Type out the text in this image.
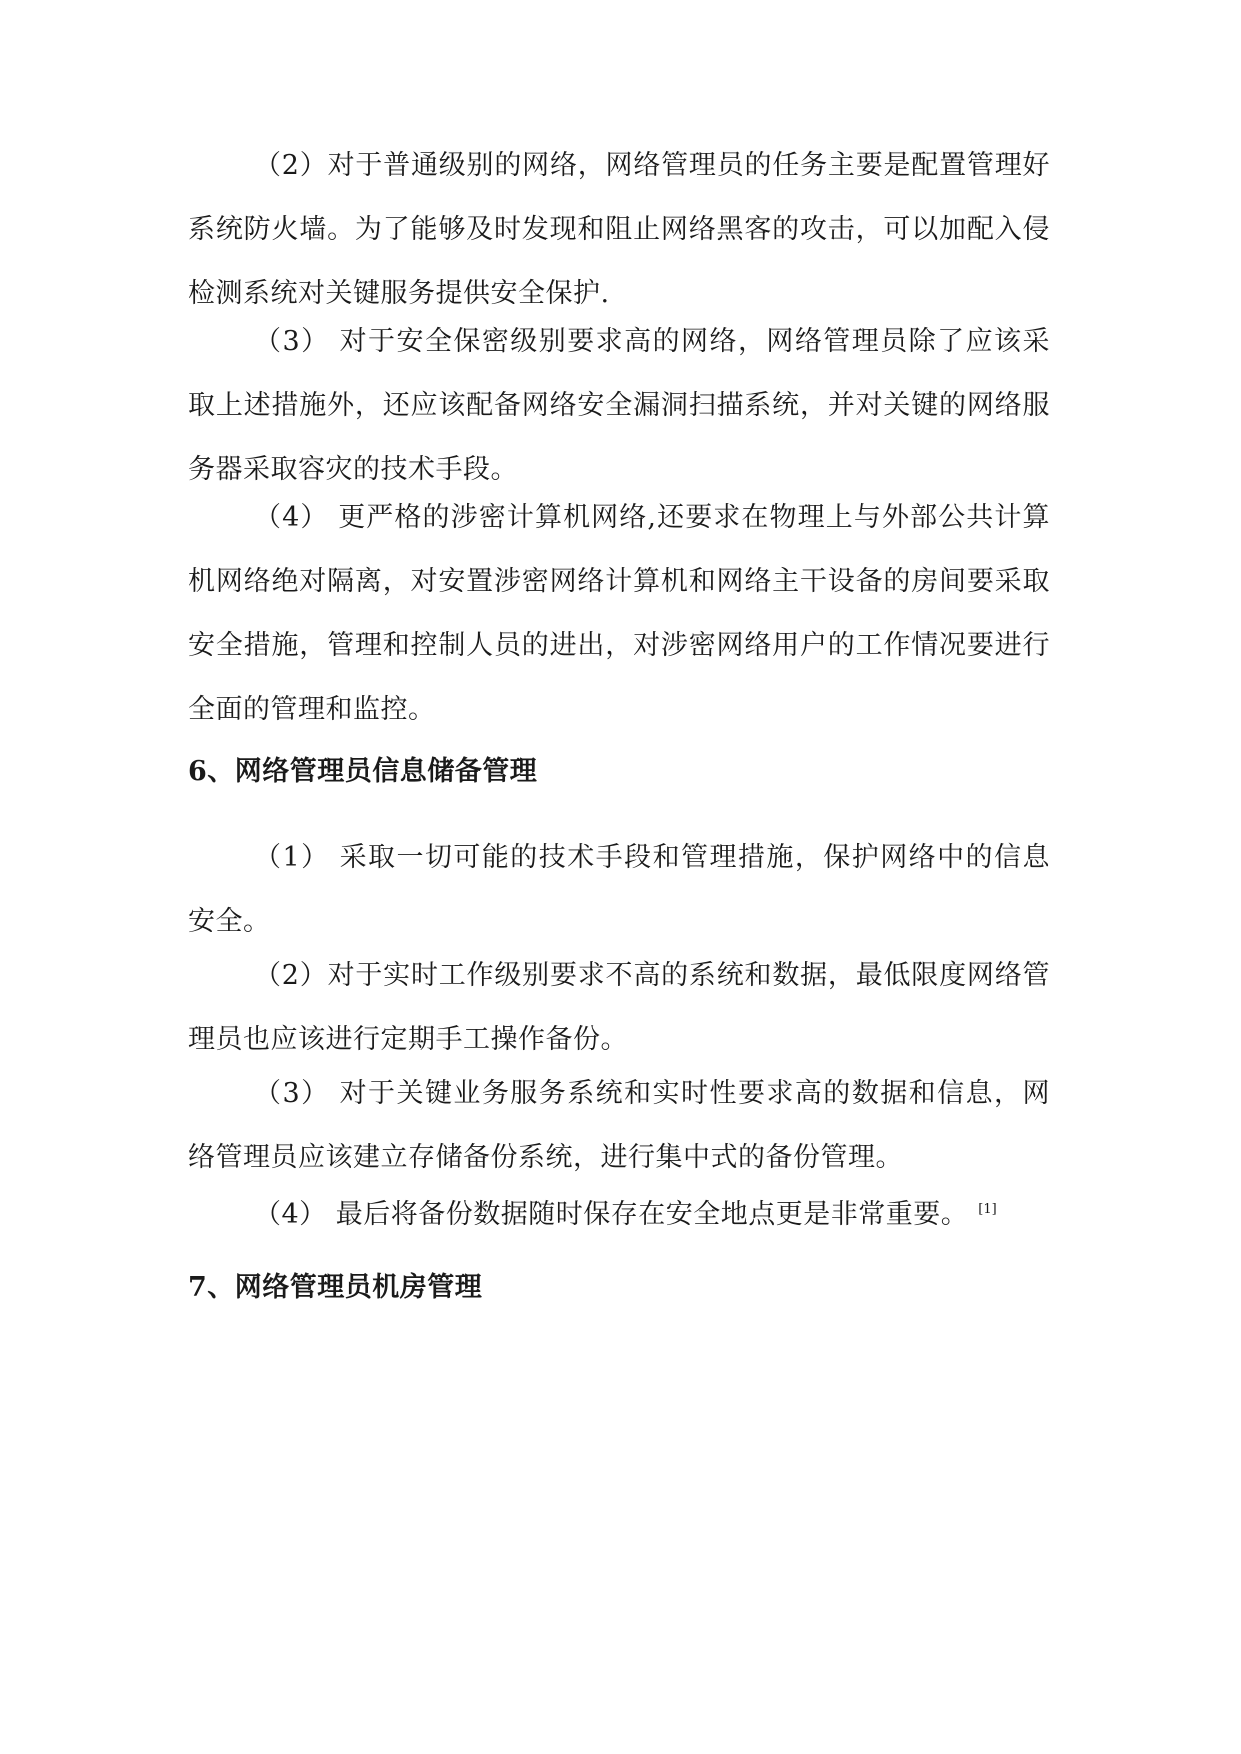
（2）对于普通级别的网络，网络管理员的任务主要是配置管理好系统防火墙。为了能够及时发现和阻止网络黑客的攻击，可以加配入侵检测系统对关键服务提供安全保护.

（3） 对于安全保密级别要求高的网络，网络管理员除了应该采取上述措施外，还应该配备网络安全漏洞扫描系统，并对关键的网络服务器采取容灾的技术手段。

（4） 更严格的涉密计算机网络,还要求在物理上与外部公共计算机网络绝对隔离，对安置涉密网络计算机和网络主干设备的房间要采取安全措施，管理和控制人员的进出，对涉密网络用户的工作情况要进行全面的管理和监控。

6、网络管理员信息储备管理

（1） 采取一切可能的技术手段和管理措施，保护网络中的信息安全。

（2）对于实时工作级别要求不高的系统和数据，最低限度网络管理员也应该进行定期手工操作备份。

（3） 对于关键业务服务系统和实时性要求高的数据和信息，网络管理员应该建立存储备份系统，进行集中式的备份管理。

（4） 最后将备份数据随时保存在安全地点更是非常重要。 [1]

7、网络管理员机房管理
